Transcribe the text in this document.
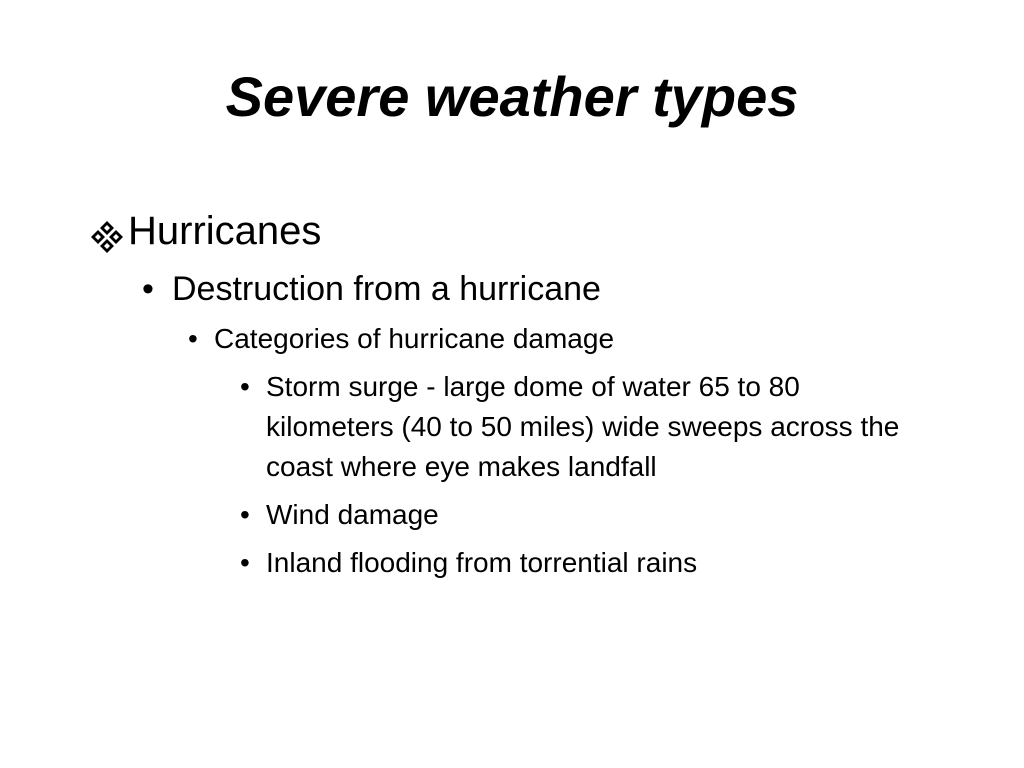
Severe weather types
Hurricanes
• Destruction from a hurricane
• Categories of hurricane damage
• Storm surge - large dome of water 65 to 80 kilometers (40 to 50 miles) wide sweeps across the coast where eye makes landfall
• Wind damage
• Inland flooding from torrential rains
